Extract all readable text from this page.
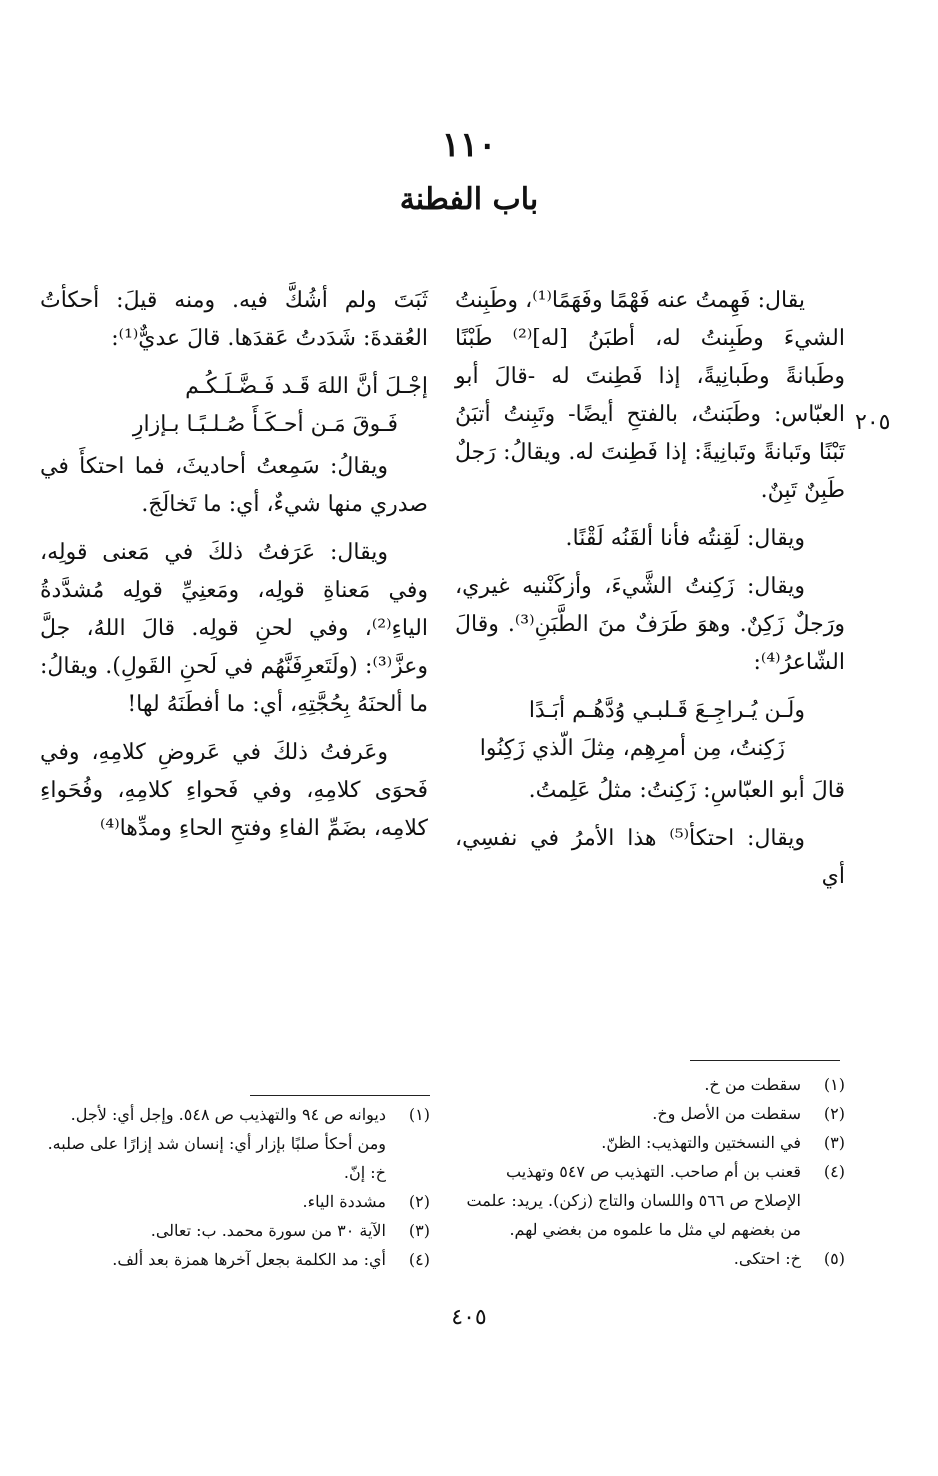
١١٠
باب الفطنة
٢٠٥

يقال: فَهِمتُ عنه فَهْمًا وفَهَمًا⁽¹⁾، وطَبِنتُ الشيءَ وطَبِنتُ له، أطبَنُ [له]⁽²⁾ طَبْنًا وطَبانةً وطَبانِيةً، إذا فَطِنتَ له -قالَ أبو العبّاس: وطَبَنتُ، بالفتحِ أيضًا- وتَبِنتُ أتبَنُ تَبْنًا وتَبانةً وتَبانِيةً: إذا فَطِنتَ له. ويقالُ: رَجلٌ طَبِنٌ تَبِنٌ.

ويقال: لَقِنتُه فأنا ألقَنُه لَقْنًا.

ويقال: زَكِنتُ الشَّيءَ، وأزكَنْنيه غيري، ورَجلٌ زَكِنٌ. وهوَ طَرَفٌ منَ الطَّبَنِ⁽³⁾. وقالَ الشّاعرُ⁽⁴⁾:

ولَـن يُـراجِـعَ قَـلبـي وُدَّهُـم أبَـدًا
زَكِنتُ، مِن أمرِهِم، مِثلَ الّذي زَكِنُوا

قالَ أبو العبّاسِ: زَكِنتُ: مثلُ عَلِمتُ.

ويقال: احتكأ⁽⁵⁾ هذا الأمرُ في نفسِي، أي

ثَبَتَ ولم أشُكَّ فيه. ومنه قيلَ: أحكأتُ العُقدةَ: شَدَدتُ عَقدَها. قالَ عديٌّ⁽¹⁾:

إجْـلَ أنَّ اللهَ قَـد فَـضَّـلَـكُـم
فَـوقَ مَـن أحـكَـأَ صُـلـبًـا بـإزارِ

ويقالُ: سَمِعتُ أحاديثَ، فما احتكأَ في صدري منها شيءٌ، أي: ما تَخالَجَ.

ويقال: عَرَفتُ ذلكَ في مَعنى قولِه، وفي مَعناةِ قولِه، ومَعنِيِّ قولِه مُشدَّدةُ الياءِ⁽²⁾، وفي لحنِ قولِه. قالَ اللهُ، جلَّ وعزَّ⁽³⁾: (ولَتَعرِفَنَّهُم في لَحنِ القَولِ). ويقالُ: ما ألحنَهُ بِحُجَّتِهِ، أي: ما أفطَنَهُ لها!

وعَرفتُ ذلكَ في عَروضِ كلامِهِ، وفي فَحوَى كلامِهِ، وفي فَحواءِ كلامِهِ، وفُحَواءِ كلامِه، بضَمِّ الفاءِ وفتحِ الحاءِ ومدِّها⁽⁴⁾

(١)
سقطت من خ.
(٢)
سقطت من الأصل وخ.
(٣)
في النسختين والتهذيب: الظنّ.
(٤)
قعنب بن أم صاحب. التهذيب ص ٥٤٧ وتهذيب الإصلاح ص ٥٦٦ واللسان والتاج (زكن). يريد: علمت من بغضهم لي مثل ما علموه من بغضي لهم.
(٥)
خ: احتكى.
(١)
ديوانه ص ٩٤ والتهذيب ص ٥٤٨. وإجل أي: لأجل. ومن أحكأ صلبًا بإزار أي: إنسان شد إزارًا على صلبه. خ: إنّ.
(٢)
مشددة الياء.
(٣)
الآية ٣٠ من سورة محمد. ب: تعالى.
(٤)
أي: مد الكلمة بجعل آخرها همزة بعد ألف.
٤٠٥
